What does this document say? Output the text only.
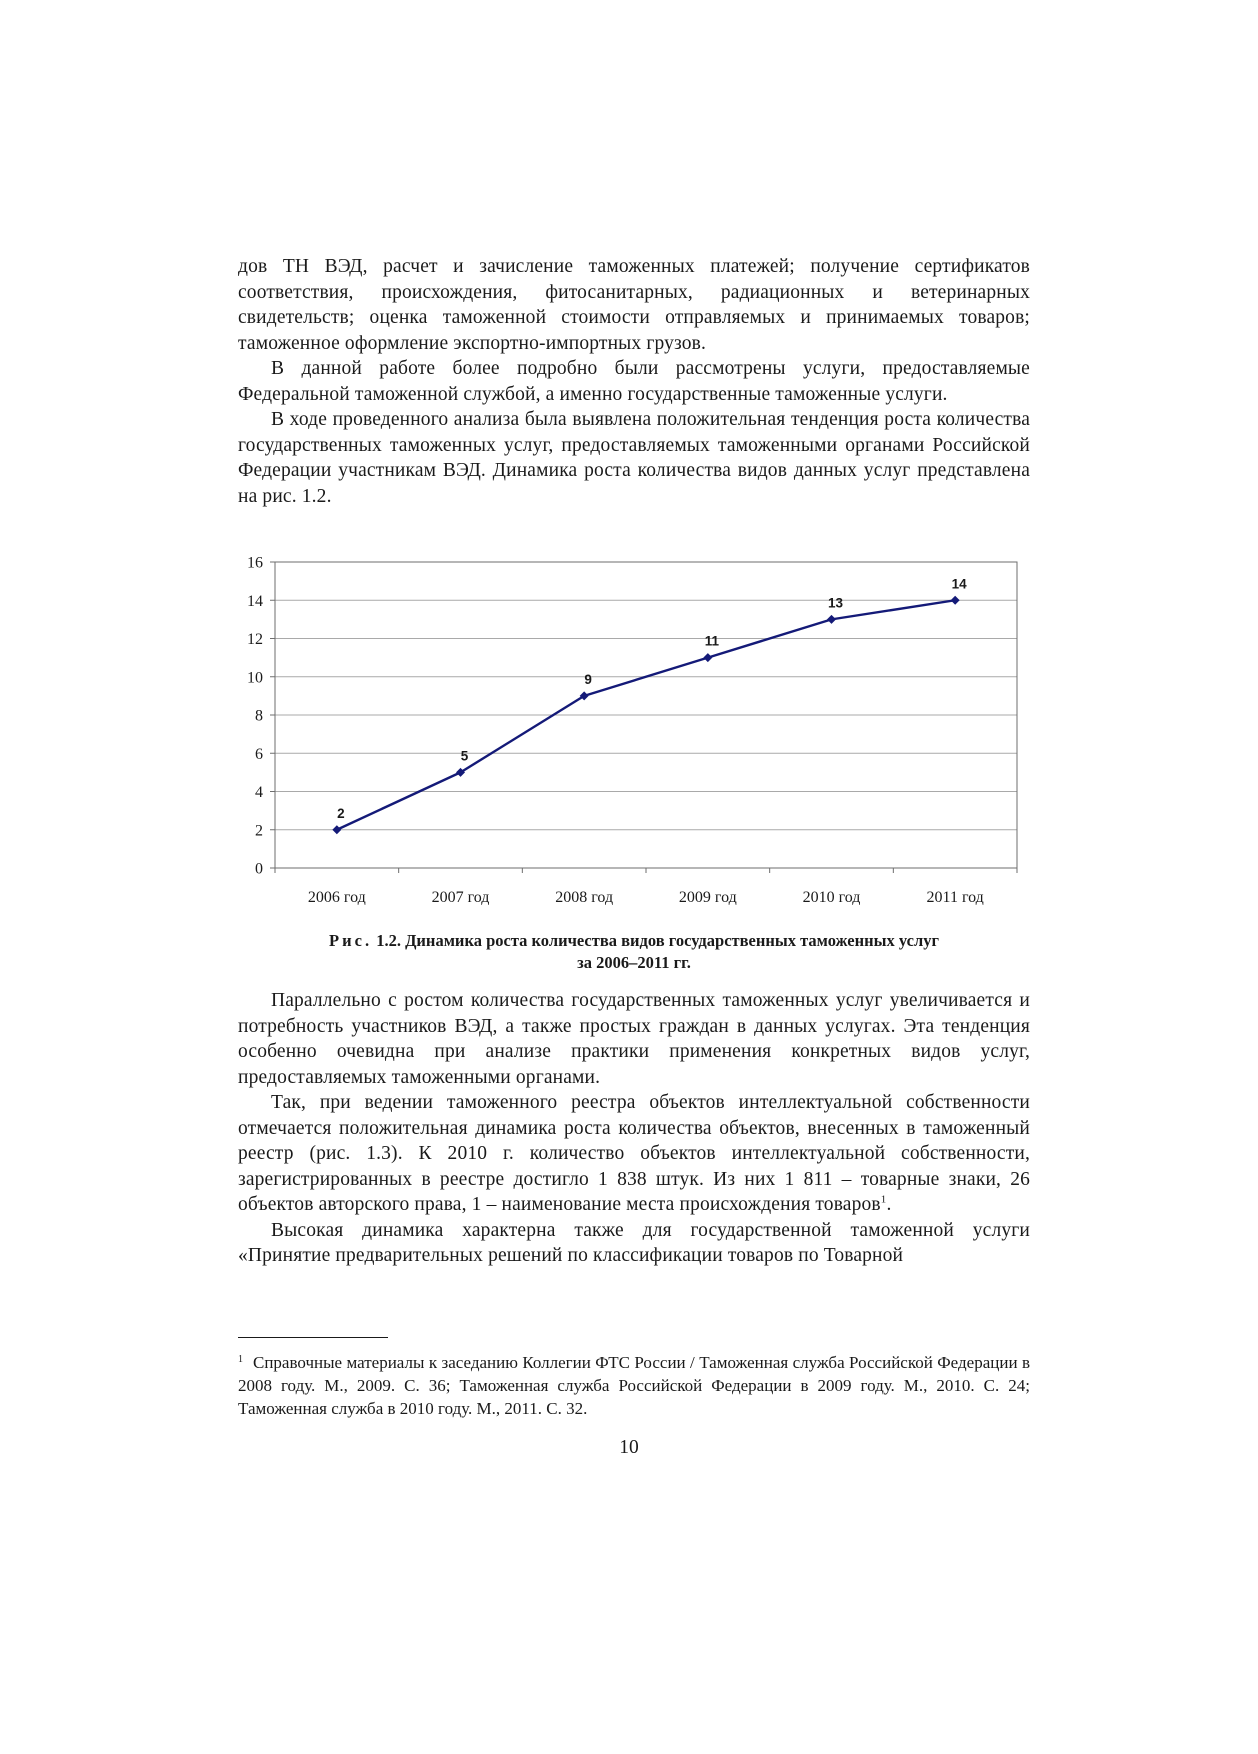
дов ТН ВЭД, расчет и зачисление таможенных платежей; получение сертификатов соответствия, происхождения, фитосанитарных, радиационных и ветеринарных свидетельств; оценка таможенной стоимости отправляемых и принимаемых товаров; таможенное оформление экспортно-импортных грузов.

В данной работе более подробно были рассмотрены услуги, предоставляемые Федеральной таможенной службой, а именно государственные таможенные услуги.

В ходе проведенного анализа была выявлена положительная тенденция роста количества государственных таможенных услуг, предоставляемых таможенными органами Российской Федерации участникам ВЭД. Динамика роста количества видов данных услуг представлена на рис. 1.2.

0
2
4
6
8
10
12
14
16
2006 год	2007 год	2008 год	2009 год	2010 год	2011 год
2
5
9
11
13
14
Рис. 1.2. Динамика роста количества видов государственных таможенных услуг
за 2006–2011 гг.

Параллельно с ростом количества государственных таможенных услуг увеличивается и потребность участников ВЭД, а также простых граждан в данных услугах. Эта тенденция особенно очевидна при анализе практики применения конкретных видов услуг, предоставляемых таможенными органами.

Так, при ведении таможенного реестра объектов интеллектуальной собственности отмечается положительная динамика роста количества объектов, внесенных в таможенный реестр (рис. 1.3). К 2010 г. количество объектов интеллектуальной собственности, зарегистрированных в реестре достигло 1 838 штук. Из них 1 811 – товарные знаки, 26 объектов авторского права, 1 – наименование места происхождения товаров$^1$.

Высокая динамика характерна также для государственной таможенной услуги «Принятие предварительных решений по классификации товаров по Товарной

$^1$ Справочные материалы к заседанию Коллегии ФТС России / Таможенная служба Российской Федерации в 2008 году. М., 2009. С. 36; Таможенная служба Российской Федерации в 2009 году. М., 2010. С. 24; Таможенная служба в 2010 году. М., 2011. С. 32.
10
